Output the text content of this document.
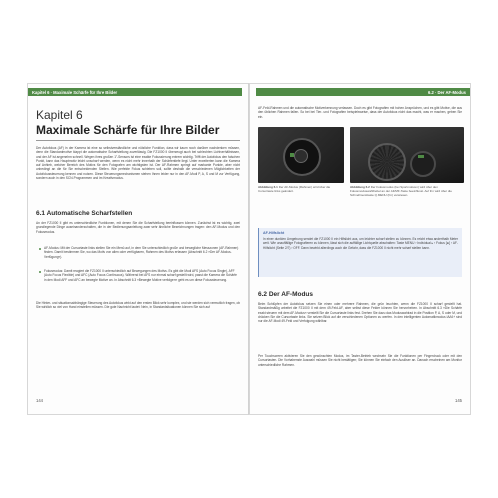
Kapitel 6 · Maximale Schärfe für Ihre Bilder
Kapitel 6
Maximale Schärfe für Ihre Bilder
Der Autofokus (AF) in der Kamera ist eine so selbstverständliche und nützliche Funktion, dass wir kaum noch darüber nachdenken müssen, denn die Standardmotive klappt die automatische Scharfstellung zuverlässig. Die FZ1000 II überzeugt auch bei schlechten Lichtverhältnissen, und der AF ist angenehm schnell. Wegen ihres großen 1"-Sensors ist eine exakte Fokussierung extrem wichtig. Trifft der Autofokus den falschen Punkt, kann das Hauptmotiv leicht unscharf werden, wenn es nicht mehr innerhalb der Schärfentiefe liegt. Unter erweiterten kann die Kamera auf Anhieb, welcher Bereich des Motivs für den Fotografen am wichtigsten ist. Der AF-Rahmen springt auf markante Punkte, aber nicht unbedingt an die für Sie entscheidenden Stellen. Wie perfekte Fokus schieben soll, sollte deshalb die verschiedenen Möglichkeiten der Autofokussteuerung kennen und nutzen. Diese Steuerungsmechanismen stehen Ihnen leider nur in den AF-Modi P, A, S und M zur Verfügung, sondern auch in den SCN-Programmen und im Kreativmodus.
6.1 Automatische Scharfstellen
An der FZ1000 II gibt es unterschiedliche Funktionen, mit denen Sie die Scharfstellung beeinflussen können. Zunächst ist es wichtig, zwei grundlegende Dinge auseinanderzuhalten, die in der Bedienungsanleitung zwar sehr ähnliche Bezeichnungen tragen: den AF-Modus und den Fokusmodus.
AF-Modus: Mit der Cursortaste links stellen Sie ein Menü auf, in dem Sie unterschiedlich große und bewegliche Messzonen (AF-Rahmen) finden. Damit bestimmen Sie, wo das Motiv von allen oder verfügbaren, Rahmen des Motivs erfassen (Abschnitt 6.2 »Der AF-Modus-Verfügung«).
Fokusmodus: Damit reagiert die FZ1000 II unterschiedlich auf Bewegungen des Motivs. Es gibt die Modi AFS (Auto Focus Single), AFF (Auto Focus Flexible) und AFC (Auto Focus Continuous). Während bei AFS nur einmal scharf gestellt wird, passt die Kamera die Schärfe in den Modi AFF und AFC an bewegte Motive an. In Abschnitt 6.3 »Bewegte Motive verfolgen« geht es um diese Fokussteuerung.
Die Hinter- und situationsabhängige Steuerung des Autofokus wirkt auf den ersten Blick sehr komplex, und sie werden sich vermutlich fragen, ob Sie wirklich so viel von Hand einstellen müssen. Die gute Nachricht lautet: Nein, in Standardsituationen können Sie sich auf
144
6.2 · Der AF-Modus
AF-Feld-Rahmen und die automatische Motiverkennung verlassen. Doch es gibt Fotografien mit hohen Ansprüchen, und es gibt Motive, die aus den üblichen Rahmen fallen. So bei bei Tier- und Fotografien beispielsweise, dass der Autofokus nicht das macht, was er machen, geben Sie ein.
Abbildung 6.1 Der AF-Modus (Rahmen) wird über die Cursortaste links geändert.
Abbildung 6.2 Der Fokusmodus (bei Sportmotiven) wird über den Fokusmoduswahlhebel an der AF/MF-Taste beeinflusst. Auf ihn wird über die Schnellmenütaste Q.MENU (Fn) verwiesen.
AF-Hilfslicht
In einer dunklen Umgebung sendet die FZ1000 II ein Hilfslicht aus, um leichter scharf stellen zu können. Es reicht etwa anderthalb Meter weit. Wie unauffällige Fotografieren zu können, lässt sich die auffällige Lichtquelle abschalten: Taste MENU › Individual ▸ › Fokus [⊕] › AF-Hilfslicht (Seite 2/7) › OFF. Dann bewirkt allerdings auch die Gefahr, dass die FZ1000 II nicht mehr scharf stellen kann.
6.2 Der AF-Modus
Beim Schlüpfen der Autofokus setzen Sie einen oder mehrere Rahmen, die grün leuchten, wenn die FZ1000 II scharf gestellt hat. Standardmäßig arbeitet die FZ1000 II mit dem 49-Feld-AF, aber selbst diese Felder können Sie hervorheben. In Abschnitt 6.3 »Die Schärfe exakt steuern mit dem AF-Modus« verstellt Sie die Cursortaste links fest. Drehen Sie dazu das Moduswahlrad in die Position P, A, S oder M, und drücken Sie die Cursortaste links. Sie setzen Blick auf die verschiedenen Optionen zu werfen. In den intelligenten Automatikmodus iA/iA+ sind nur die AF-Modi 49-Feld und Verfolgung wählbar.
Per Touchscreen aktivieren Sie den gewünschten Modus, im Taster-Betrieb wechseln Sie die Funktionen per Fingerdruck oder mit den Cursortasten. Die Vorhabenste Auswahl müssen Sie nicht bestätigen; Sie können Sie einfach den Auslöser an. Danach erscheinen am Monitor unterschiedliche Rahmen.
145
